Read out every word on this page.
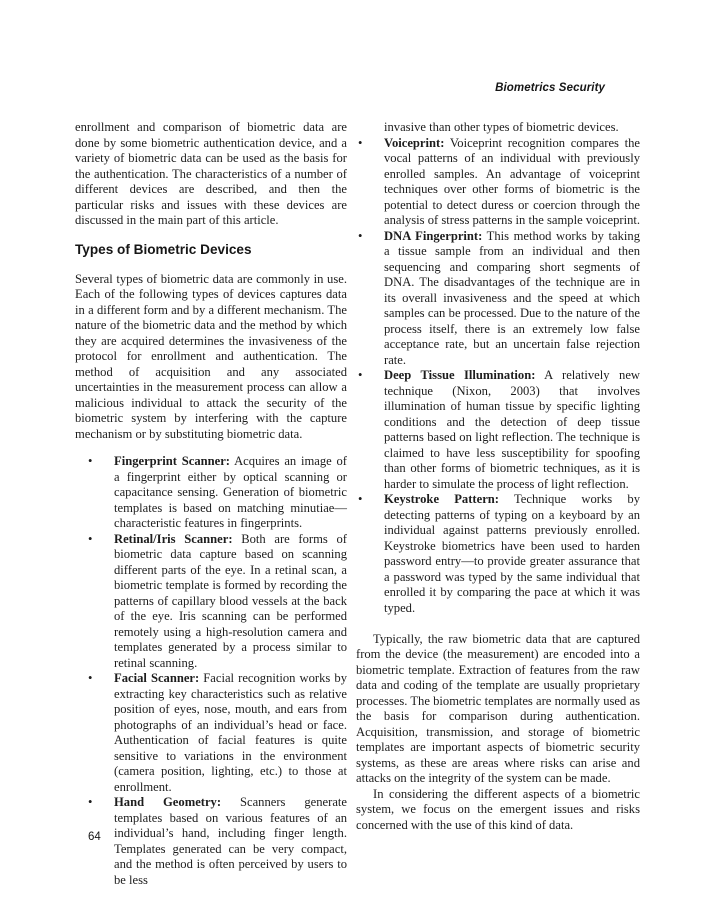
Biometrics Security

enrollment and comparison of biometric data are done by some biometric authentication device, and a variety of biometric data can be used as the basis for the authentication. The characteristics of a number of different devices are described, and then the particular risks and issues with these devices are discussed in the main part of this article.

Types of Biometric Devices

Several types of biometric data are commonly in use. Each of the following types of devices captures data in a different form and by a different mechanism. The nature of the biometric data and the method by which they are acquired determines the invasiveness of the protocol for enrollment and authentication. The method of acquisition and any associated uncertainties in the measurement process can allow a malicious individual to attack the security of the biometric system by interfering with the capture mechanism or by substituting biometric data.

• Fingerprint Scanner: Acquires an image of a fingerprint either by optical scanning or capacitance sensing. Generation of biometric templates is based on matching minutiae—characteristic features in fingerprints.
• Retinal/Iris Scanner: Both are forms of biometric data capture based on scanning different parts of the eye. In a retinal scan, a biometric template is formed by recording the patterns of capillary blood vessels at the back of the eye. Iris scanning can be performed remotely using a high-resolution camera and templates generated by a process similar to retinal scanning.
• Facial Scanner: Facial recognition works by extracting key characteristics such as relative position of eyes, nose, mouth, and ears from photographs of an individual’s head or face. Authentication of facial features is quite sensitive to variations in the environment (camera position, lighting, etc.) to those at enrollment.
• Hand Geometry: Scanners generate templates based on various features of an individual’s hand, including finger length. Templates generated can be very compact, and the method is often perceived by users to be less

invasive than other types of biometric devices.

• Voiceprint: Voiceprint recognition compares the vocal patterns of an individual with previously enrolled samples. An advantage of voiceprint techniques over other forms of biometric is the potential to detect duress or coercion through the analysis of stress patterns in the sample voiceprint.
• DNA Fingerprint: This method works by taking a tissue sample from an individual and then sequencing and comparing short segments of DNA. The disadvantages of the technique are in its overall invasiveness and the speed at which samples can be processed. Due to the nature of the process itself, there is an extremely low false acceptance rate, but an uncertain false rejection rate.
• Deep Tissue Illumination: A relatively new technique (Nixon, 2003) that involves illumination of human tissue by specific lighting conditions and the detection of deep tissue patterns based on light reflection. The technique is claimed to have less susceptibility for spoofing than other forms of biometric techniques, as it is harder to simulate the process of light reflection.
• Keystroke Pattern: Technique works by detecting patterns of typing on a keyboard by an individual against patterns previously enrolled. Keystroke biometrics have been used to harden password entry—to provide greater assurance that a password was typed by the same individual that enrolled it by comparing the pace at which it was typed.

Typically, the raw biometric data that are captured from the device (the measurement) are encoded into a biometric template. Extraction of features from the raw data and coding of the template are usually proprietary processes. The biometric templates are normally used as the basis for comparison during authentication. Acquisition, transmission, and storage of biometric templates are important aspects of biometric security systems, as these are areas where risks can arise and attacks on the integrity of the system can be made.

In considering the different aspects of a biometric system, we focus on the emergent issues and risks concerned with the use of this kind of data.

64
